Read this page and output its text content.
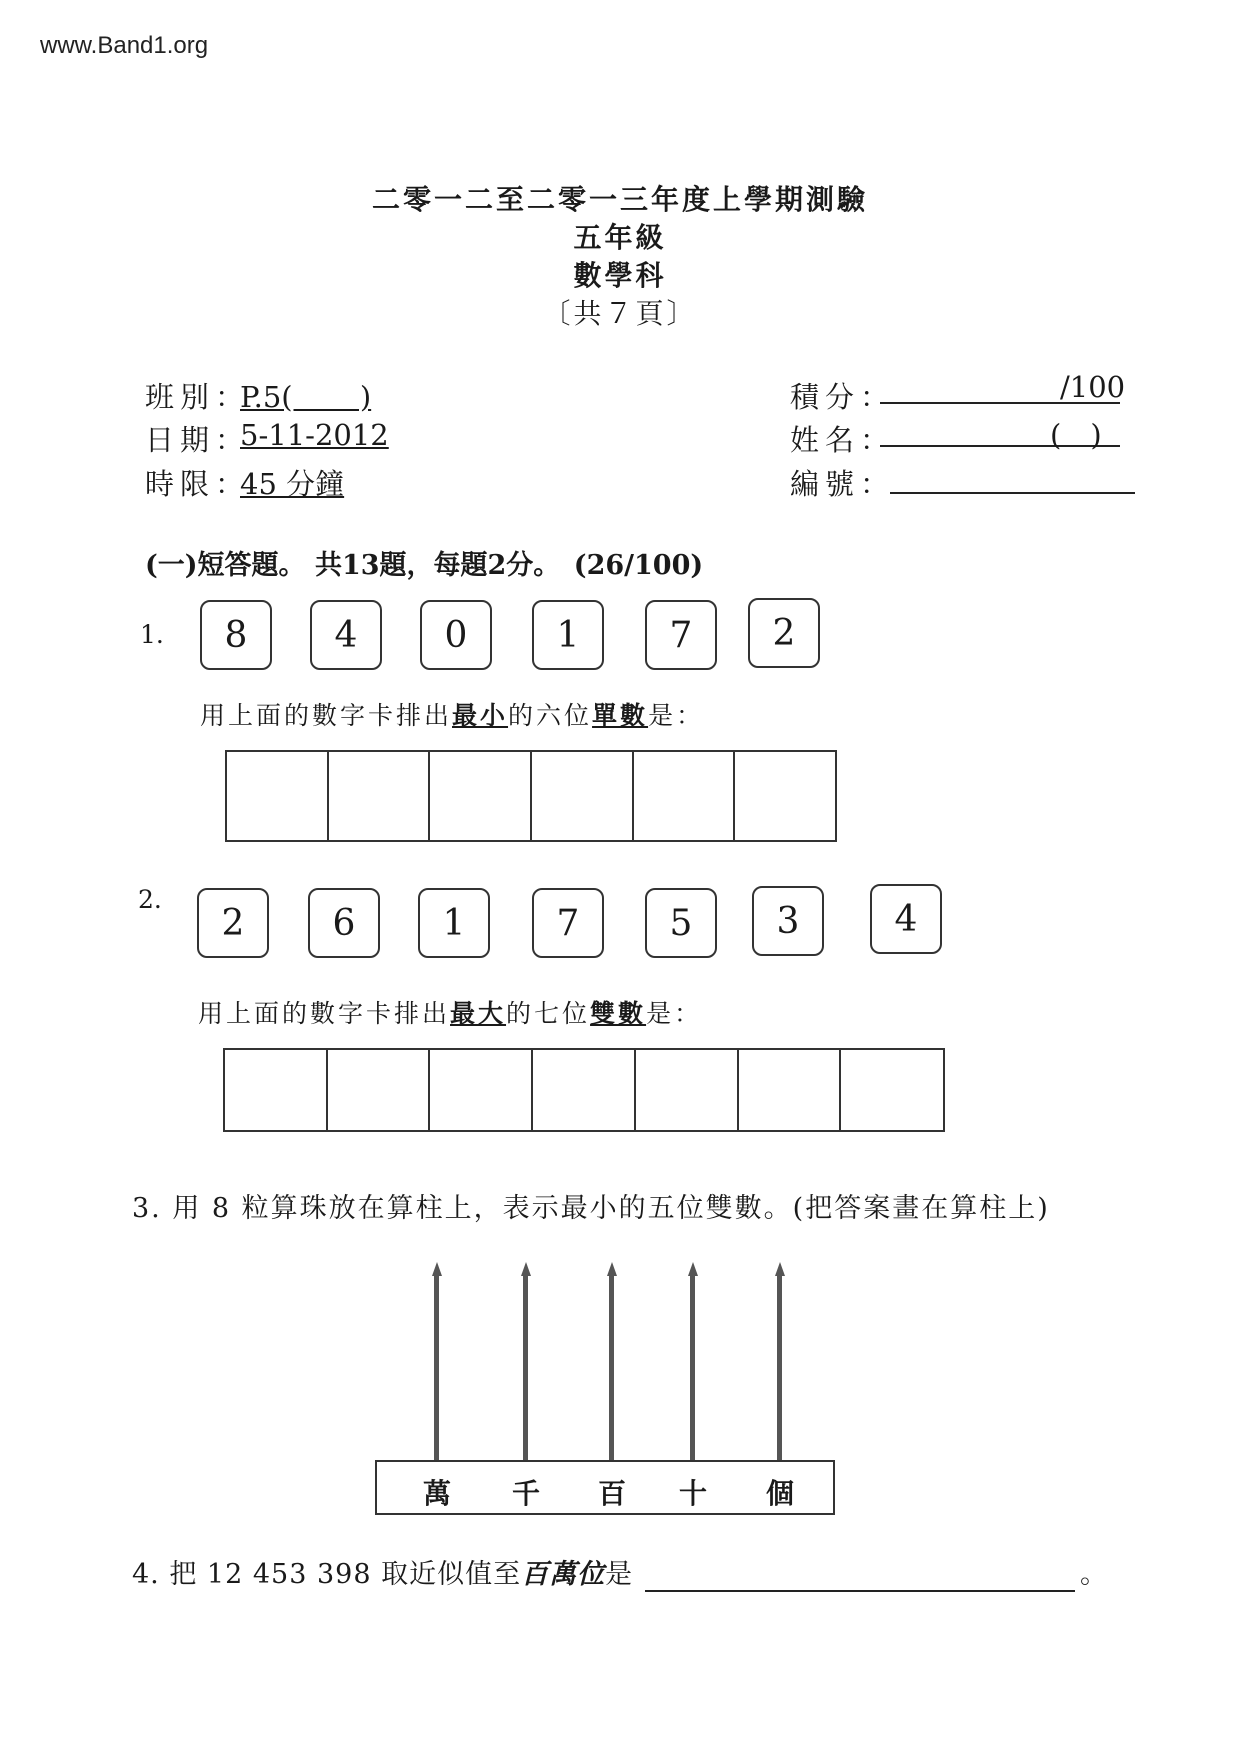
www.Band1.org
二零一二至二零一三年度上學期測驗
五年級
數學科
〔共７頁〕
班別：
P.5(　 　)
日期：
5-11-2012
時限：
45 分鐘
積分：	/100
姓名：	(　)
編號：
(一)短答題。 共13題，每題2分。　(26/100)
1.	8	4	0	1	7	2
用上面的數字卡排出最小的六位單數是：
2.
2	6	1	7	5	3	4
用上面的數字卡排出最大的七位雙數是：
3. 用 8 粒算珠放在算柱上，表示最小的五位雙數。(把答案畫在算柱上)
萬 千 百 十 個
4. 把 12 453 398 取近似值至百萬位是	。
